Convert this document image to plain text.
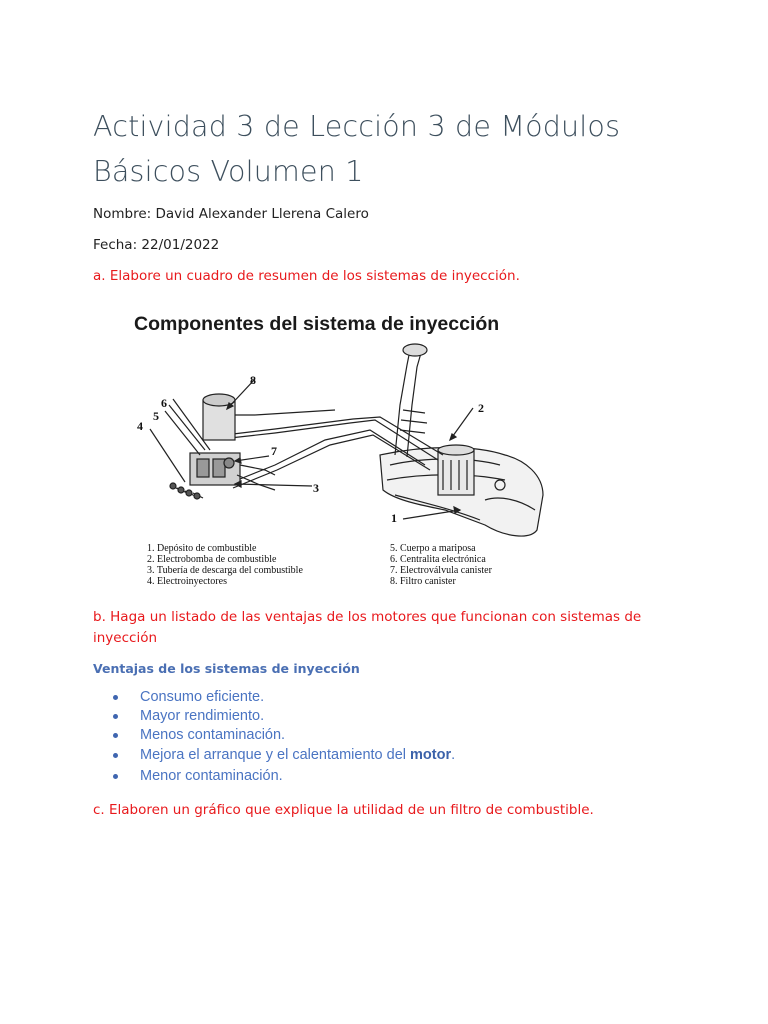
Actividad 3 de Lección 3 de Módulos Básicos Volumen 1
Nombre: David Alexander Llerena Calero
Fecha: 22/01/2022
a. Elabore un cuadro de resumen de los sistemas de inyección.
Componentes del sistema de inyección
8
6
5
4
7
2
3
1
1. Depósito de combustible
2. Electrobomba de combustible
3. Tubería de descarga del combustible
4. Electroinyectores
5. Cuerpo a mariposa
6. Centralita electrónica
7. Electroválvula canister
8. Filtro canister
b. Haga un listado de las ventajas de los motores que funcionan con sistemas de inyección
Ventajas de los sistemas de inyección
Consumo eficiente.
Mayor rendimiento.
Menos contaminación.
Mejora el arranque y el calentamiento del motor.
Menor contaminación.
c. Elaboren un gráfico que explique la utilidad de un filtro de combustible.
